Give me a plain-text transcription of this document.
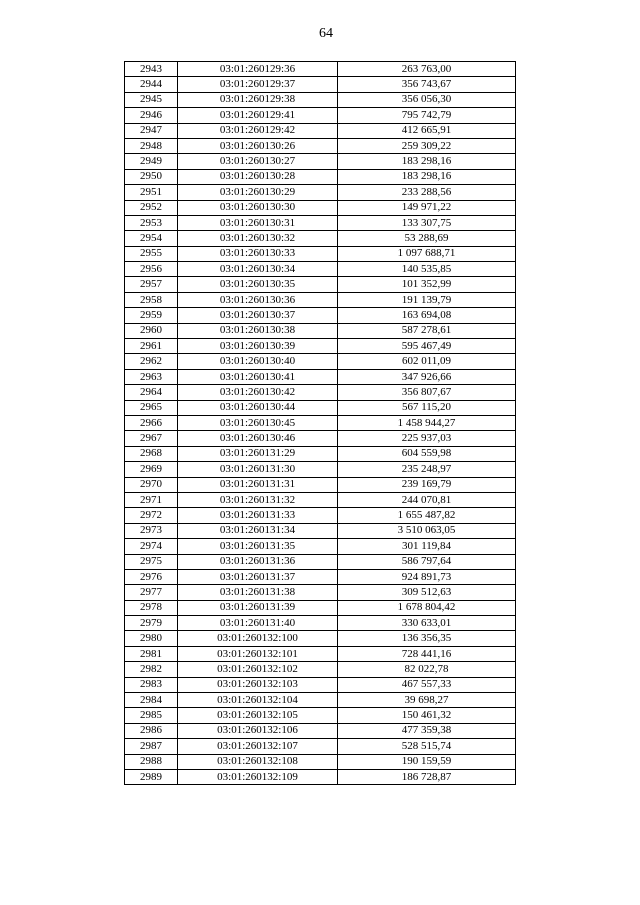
64
2943	03:01:260129:36	263 763,00
2944	03:01:260129:37	356 743,67
2945	03:01:260129:38	356 056,30
2946	03:01:260129:41	795 742,79
2947	03:01:260129:42	412 665,91
2948	03:01:260130:26	259 309,22
2949	03:01:260130:27	183 298,16
2950	03:01:260130:28	183 298,16
2951	03:01:260130:29	233 288,56
2952	03:01:260130:30	149 971,22
2953	03:01:260130:31	133 307,75
2954	03:01:260130:32	53 288,69
2955	03:01:260130:33	1 097 688,71
2956	03:01:260130:34	140 535,85
2957	03:01:260130:35	101 352,99
2958	03:01:260130:36	191 139,79
2959	03:01:260130:37	163 694,08
2960	03:01:260130:38	587 278,61
2961	03:01:260130:39	595 467,49
2962	03:01:260130:40	602 011,09
2963	03:01:260130:41	347 926,66
2964	03:01:260130:42	356 807,67
2965	03:01:260130:44	567 115,20
2966	03:01:260130:45	1 458 944,27
2967	03:01:260130:46	225 937,03
2968	03:01:260131:29	604 559,98
2969	03:01:260131:30	235 248,97
2970	03:01:260131:31	239 169,79
2971	03:01:260131:32	244 070,81
2972	03:01:260131:33	1 655 487,82
2973	03:01:260131:34	3 510 063,05
2974	03:01:260131:35	301 119,84
2975	03:01:260131:36	586 797,64
2976	03:01:260131:37	924 891,73
2977	03:01:260131:38	309 512,63
2978	03:01:260131:39	1 678 804,42
2979	03:01:260131:40	330 633,01
2980	03:01:260132:100	136 356,35
2981	03:01:260132:101	728 441,16
2982	03:01:260132:102	82 022,78
2983	03:01:260132:103	467 557,33
2984	03:01:260132:104	39 698,27
2985	03:01:260132:105	150 461,32
2986	03:01:260132:106	477 359,38
2987	03:01:260132:107	528 515,74
2988	03:01:260132:108	190 159,59
2989	03:01:260132:109	186 728,87
